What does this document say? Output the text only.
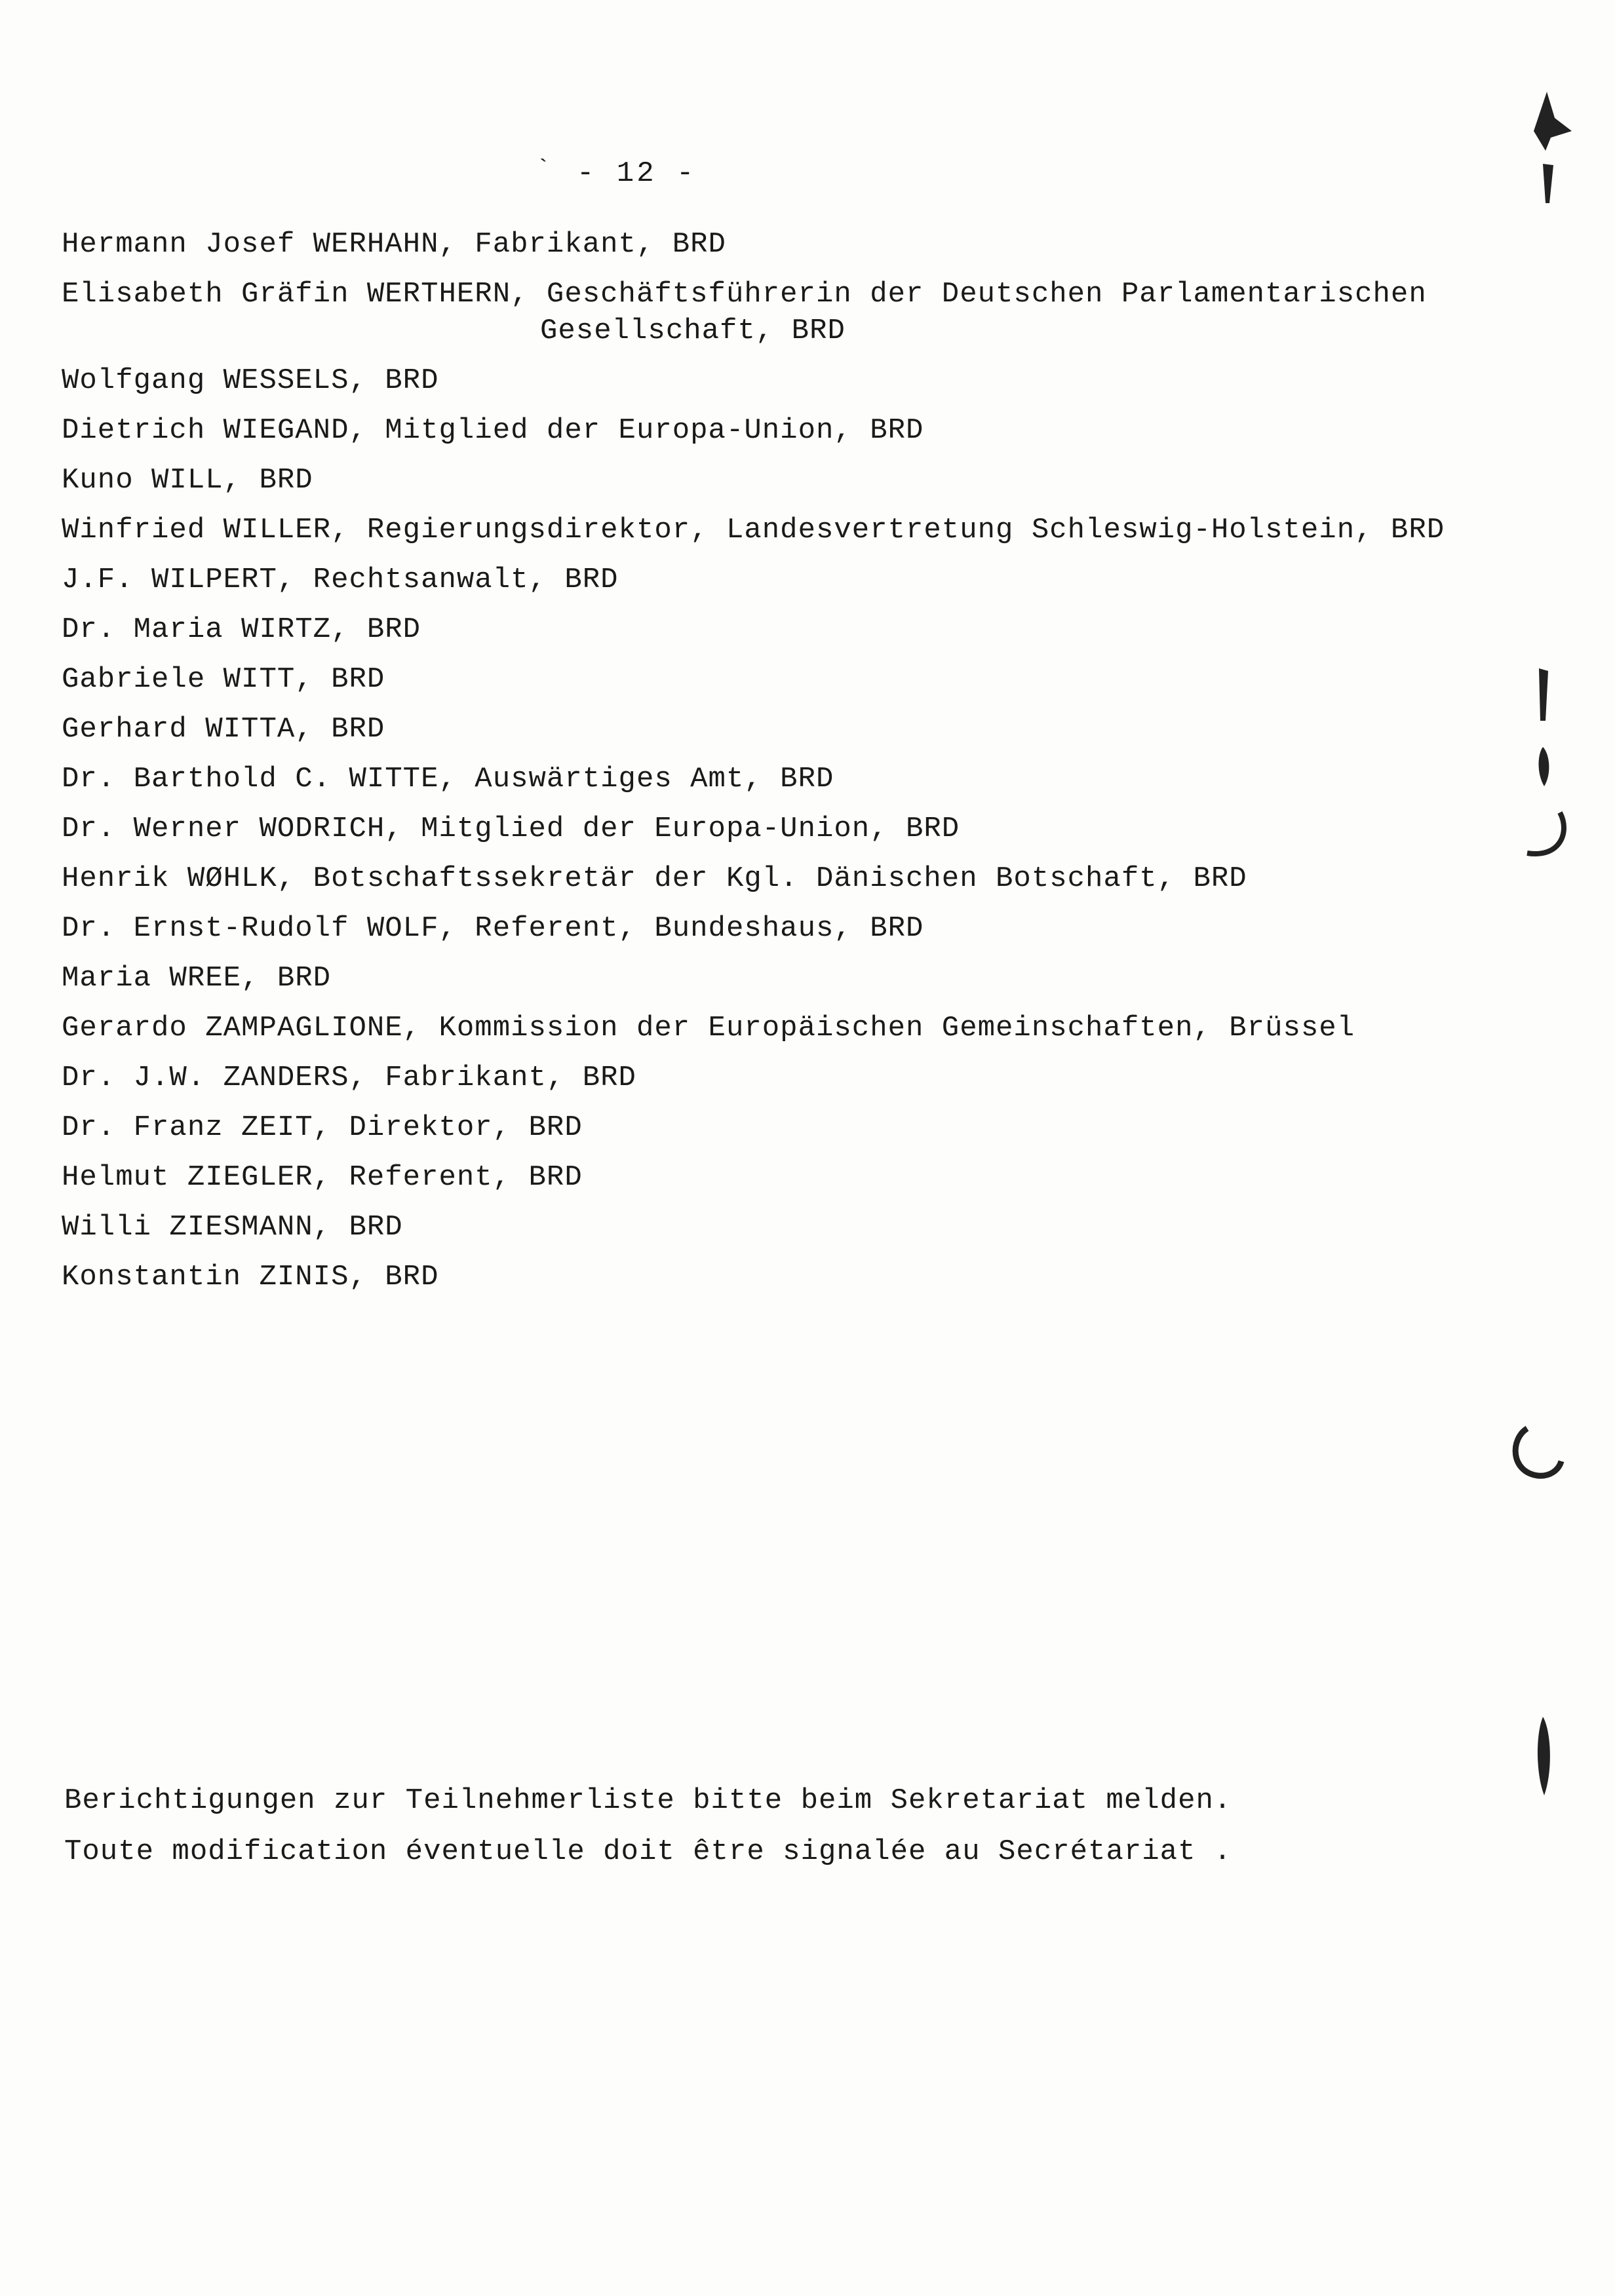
` - 12 -
Hermann Josef WERHAHN, Fabrikant, BRD
Elisabeth Gräfin WERTHERN, Geschäftsführerin der Deutschen Parlamentarischen
Gesellschaft, BRD
Wolfgang WESSELS, BRD
Dietrich WIEGAND, Mitglied der Europa-Union, BRD
Kuno WILL, BRD
Winfried WILLER, Regierungsdirektor, Landesvertretung Schleswig-Holstein, BRD
J.F. WILPERT, Rechtsanwalt, BRD
Dr. Maria WIRTZ, BRD
Gabriele WITT, BRD
Gerhard WITTA, BRD
Dr. Barthold C. WITTE, Auswärtiges Amt, BRD
Dr. Werner WODRICH, Mitglied der Europa-Union, BRD
Henrik WØHLK, Botschaftssekretär der Kgl. Dänischen Botschaft, BRD
Dr. Ernst-Rudolf WOLF, Referent, Bundeshaus, BRD
Maria WREE, BRD
Gerardo ZAMPAGLIONE, Kommission der Europäischen Gemeinschaften, Brüssel
Dr. J.W. ZANDERS, Fabrikant, BRD
Dr. Franz ZEIT, Direktor, BRD
Helmut ZIEGLER, Referent, BRD
Willi ZIESMANN, BRD
Konstantin ZINIS, BRD
Berichtigungen zur Teilnehmerliste bitte beim Sekretariat melden.
Toute modification éventuelle doit être signalée au Secrétariat .
